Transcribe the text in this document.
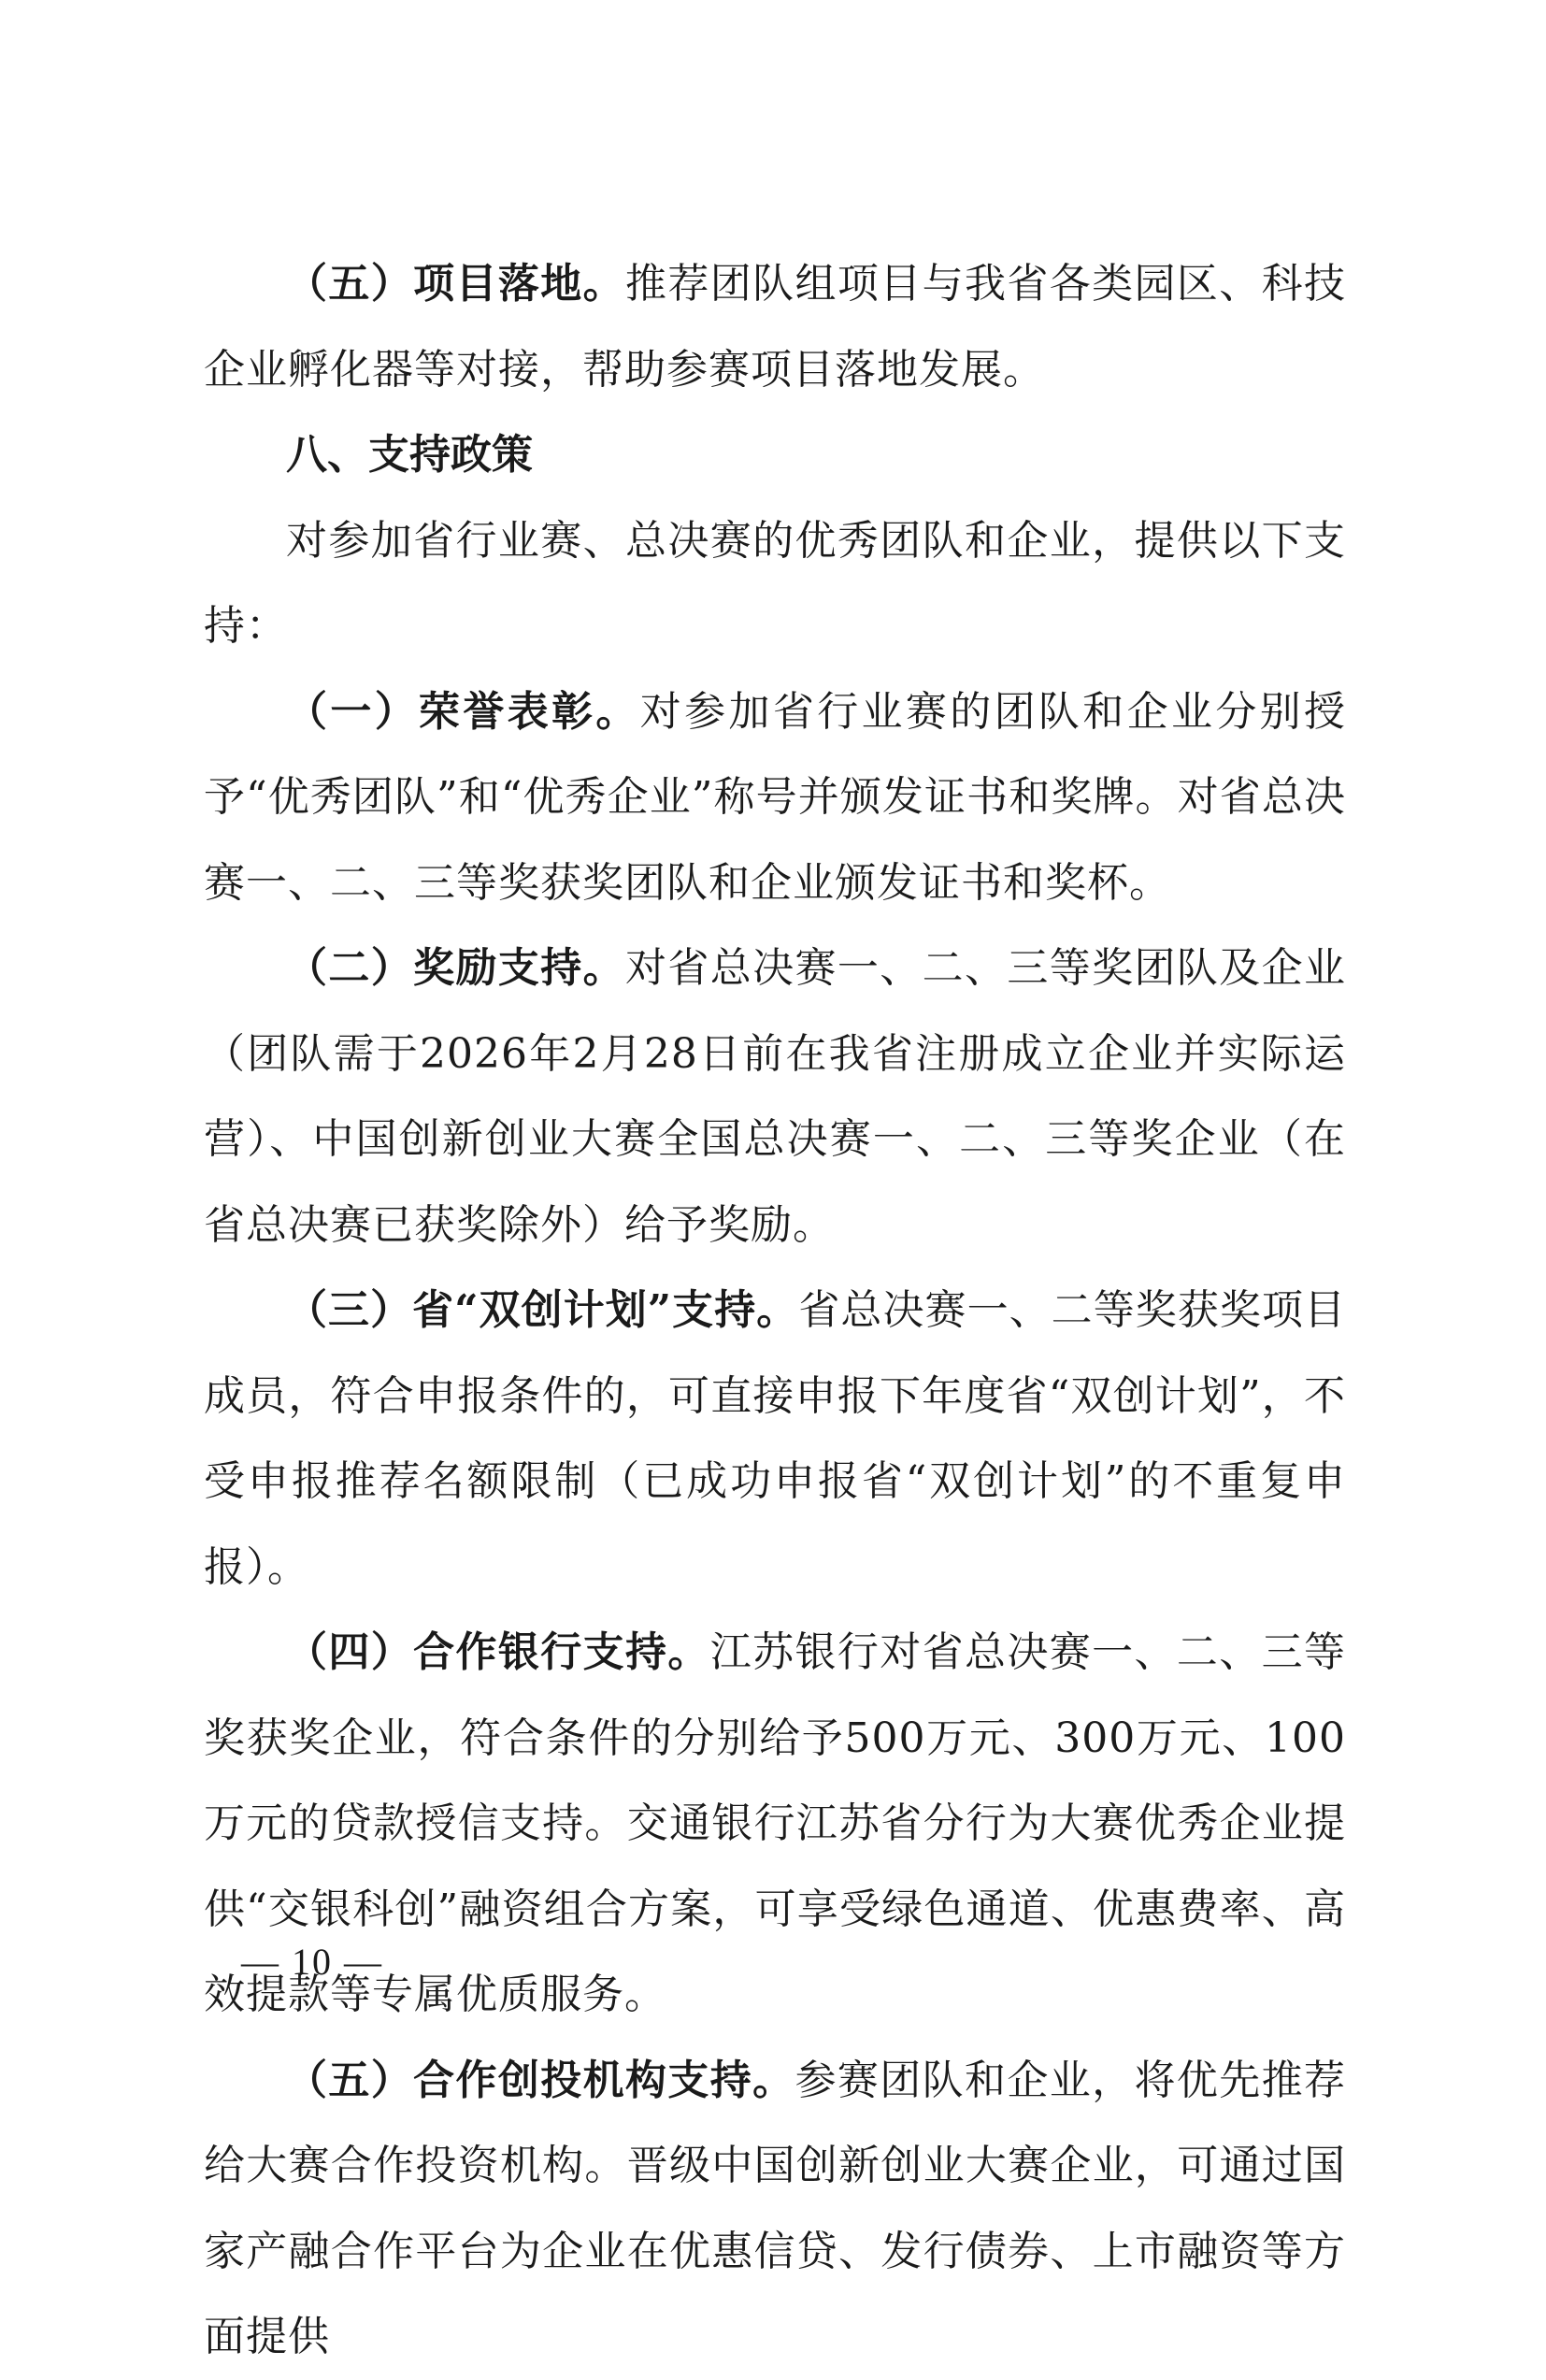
（五）项目落地。推荐团队组项目与我省各类园区、科技企业孵化器等对接，帮助参赛项目落地发展。

八、支持政策

对参加省行业赛、总决赛的优秀团队和企业，提供以下支持：

（一）荣誉表彰。对参加省行业赛的团队和企业分别授予“优秀团队”和“优秀企业”称号并颁发证书和奖牌。对省总决赛一、二、三等奖获奖团队和企业颁发证书和奖杯。

（二）奖励支持。对省总决赛一、二、三等奖团队及企业（团队需于2026年2月28日前在我省注册成立企业并实际运营）、中国创新创业大赛全国总决赛一、二、三等奖企业（在省总决赛已获奖除外）给予奖励。

（三）省“双创计划”支持。省总决赛一、二等奖获奖项目成员，符合申报条件的，可直接申报下年度省“双创计划”，不受申报推荐名额限制（已成功申报省“双创计划”的不重复申报）。

（四）合作银行支持。江苏银行对省总决赛一、二、三等奖获奖企业，符合条件的分别给予500万元、300万元、100万元的贷款授信支持。交通银行江苏省分行为大赛优秀企业提供“交银科创”融资组合方案，可享受绿色通道、优惠费率、高效提款等专属优质服务。

（五）合作创投机构支持。参赛团队和企业，将优先推荐给大赛合作投资机构。晋级中国创新创业大赛企业，可通过国家产融合作平台为企业在优惠信贷、发行债券、上市融资等方面提供

— 10 —
